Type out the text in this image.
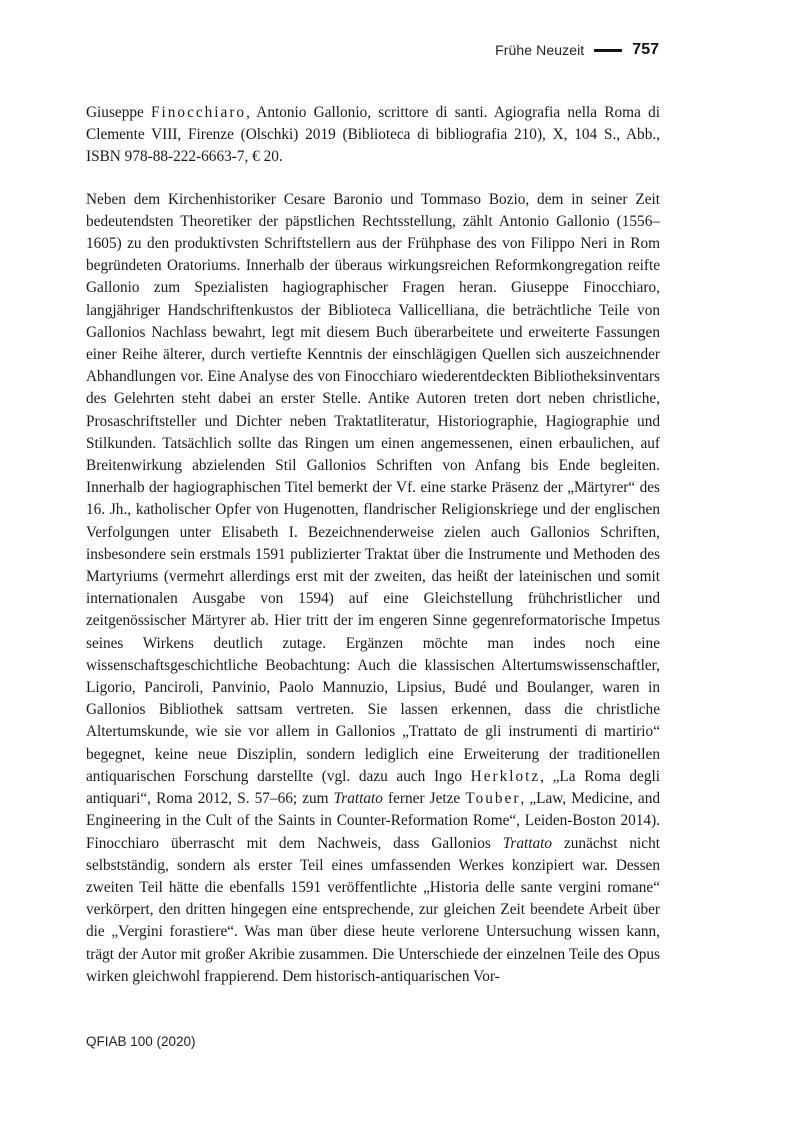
Frühe Neuzeit	757

Giuseppe Finocchiaro, Antonio Gallonio, scrittore di santi. Agiografia nella Roma di Clemente VIII, Firenze (Olschki) 2019 (Biblioteca di bibliografia 210), X, 104 S., Abb., ISBN 978-88-222-6663-7, € 20.

Neben dem Kirchenhistoriker Cesare Baronio und Tommaso Bozio, dem in seiner Zeit bedeutendsten Theoretiker der päpstlichen Rechtsstellung, zählt Antonio Gallonio (1556–1605) zu den produktivsten Schriftstellern aus der Frühphase des von Filippo Neri in Rom begründeten Oratoriums. Innerhalb der überaus wirkungsreichen Reformkongregation reifte Gallonio zum Spezialisten hagiographischer Fragen heran. Giuseppe Finocchiaro, langjähriger Handschriftenkustos der Biblioteca Vallicelliana, die beträchtliche Teile von Gallonios Nachlass bewahrt, legt mit diesem Buch überarbeitete und erweiterte Fassungen einer Reihe älterer, durch vertiefte Kenntnis der einschlägigen Quellen sich auszeichnender Abhandlungen vor. Eine Analyse des von Finocchiaro wiederentdeckten Bibliotheksinventars des Gelehrten steht dabei an erster Stelle. Antike Autoren treten dort neben christliche, Prosaschriftsteller und Dichter neben Traktatliteratur, Historiographie, Hagiographie und Stilkunden. Tatsächlich sollte das Ringen um einen angemessenen, einen erbaulichen, auf Breitenwirkung abzielenden Stil Gallonios Schriften von Anfang bis Ende begleiten. Innerhalb der hagiographischen Titel bemerkt der Vf. eine starke Präsenz der „Märtyrer“ des 16. Jh., katholischer Opfer von Hugenotten, flandrischer Religionskriege und der englischen Verfolgungen unter Elisabeth I. Bezeichnenderweise zielen auch Gallonios Schriften, insbesondere sein erstmals 1591 publizierter Traktat über die Instrumente und Methoden des Martyriums (vermehrt allerdings erst mit der zweiten, das heißt der lateinischen und somit internationalen Ausgabe von 1594) auf eine Gleichstellung frühchristlicher und zeitgenössischer Märtyrer ab. Hier tritt der im engeren Sinne gegenreformatorische Impetus seines Wirkens deutlich zutage. Ergänzen möchte man indes noch eine wissenschaftsgeschichtliche Beobachtung: Auch die klassischen Altertumswissenschaftler, Ligorio, Panciroli, Panvinio, Paolo Mannuzio, Lipsius, Budé und Boulanger, waren in Gallonios Bibliothek sattsam vertreten. Sie lassen erkennen, dass die christliche Altertumskunde, wie sie vor allem in Gallonios „Trattato de gli instrumenti di martirio“ begegnet, keine neue Disziplin, sondern lediglich eine Erweiterung der traditionellen antiquarischen Forschung darstellte (vgl. dazu auch Ingo Herklotz, „La Roma degli antiquari“, Roma 2012, S. 57–66; zum Trattato ferner Jetze Touber, „Law, Medicine, and Engineering in the Cult of the Saints in Counter-Reformation Rome“, Leiden-Boston 2014). Finocchiaro überrascht mit dem Nachweis, dass Gallonios Trattato zunächst nicht selbstständig, sondern als erster Teil eines umfassenden Werkes konzipiert war. Dessen zweiten Teil hätte die ebenfalls 1591 veröffentlichte „Historia delle sante vergini romane“ verkörpert, den dritten hingegen eine entsprechende, zur gleichen Zeit beendete Arbeit über die „Vergini forastiere“. Was man über diese heute verlorene Untersuchung wissen kann, trägt der Autor mit großer Akribie zusammen. Die Unterschiede der einzelnen Teile des Opus wirken gleichwohl frappierend. Dem historisch-antiquarischen Vor-

QFIAB 100 (2020)
